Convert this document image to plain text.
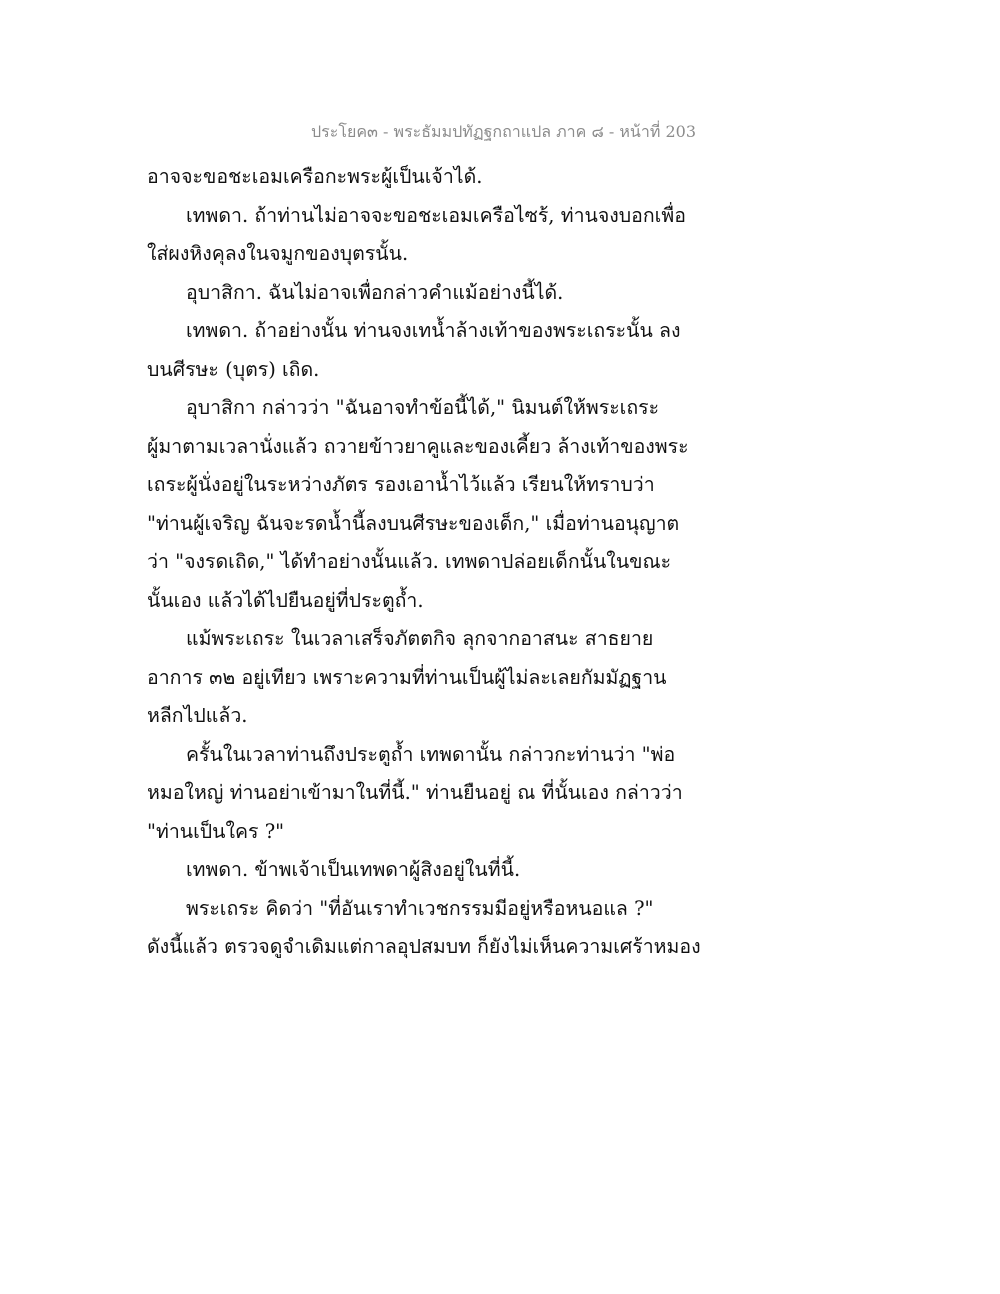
ประโยค๓ - พระธัมมปทัฏฐกถาแปล ภาค ๘ - หน้าที่ 203
อาจจะขอชะเอมเครือกะพระผู้เป็นเจ้าได้.
เทพดา. ถ้าท่านไม่อาจจะขอชะเอมเครือไซร้, ท่านจงบอกเพื่อ
ใส่ผงหิงคุลงในจมูกของบุตรนั้น.
อุบาสิกา. ฉันไม่อาจเพื่อกล่าวคำแม้อย่างนี้ได้.
เทพดา. ถ้าอย่างนั้น ท่านจงเทน้ำล้างเท้าของพระเถระนั้น ลง
บนศีรษะ (บุตร) เถิด.
อุบาสิกา กล่าวว่า "ฉันอาจทำข้อนี้ได้," นิมนต์ให้พระเถระ
ผู้มาตามเวลานั่งแล้ว ถวายข้าวยาคูและของเคี้ยว ล้างเท้าของพระ
เถระผู้นั่งอยู่ในระหว่างภัตร รองเอาน้ำไว้แล้ว เรียนให้ทราบว่า
"ท่านผู้เจริญ ฉันจะรดน้ำนี้ลงบนศีรษะของเด็ก," เมื่อท่านอนุญาต
ว่า "จงรดเถิด," ได้ทำอย่างนั้นแล้ว. เทพดาปล่อยเด็กนั้นในขณะ
นั้นเอง แล้วได้ไปยืนอยู่ที่ประตูถ้ำ.
แม้พระเถระ ในเวลาเสร็จภัตตกิจ ลุกจากอาสนะ สาธยาย
อาการ ๓๒ อยู่เทียว เพราะความที่ท่านเป็นผู้ไม่ละเลยกัมมัฏฐาน
หลีกไปแล้ว.
ครั้นในเวลาท่านถึงประตูถ้ำ เทพดานั้น กล่าวกะท่านว่า "พ่อ
หมอใหญ่ ท่านอย่าเข้ามาในที่นี้." ท่านยืนอยู่ ณ ที่นั้นเอง กล่าวว่า
"ท่านเป็นใคร ?"
เทพดา. ข้าพเจ้าเป็นเทพดาผู้สิงอยู่ในที่นี้.
พระเถระ คิดว่า "ที่อันเราทำเวชกรรมมีอยู่หรือหนอแล ?"
ดังนี้แล้ว ตรวจดูจำเดิมแต่กาลอุปสมบท ก็ยังไม่เห็นความเศร้าหมอง
